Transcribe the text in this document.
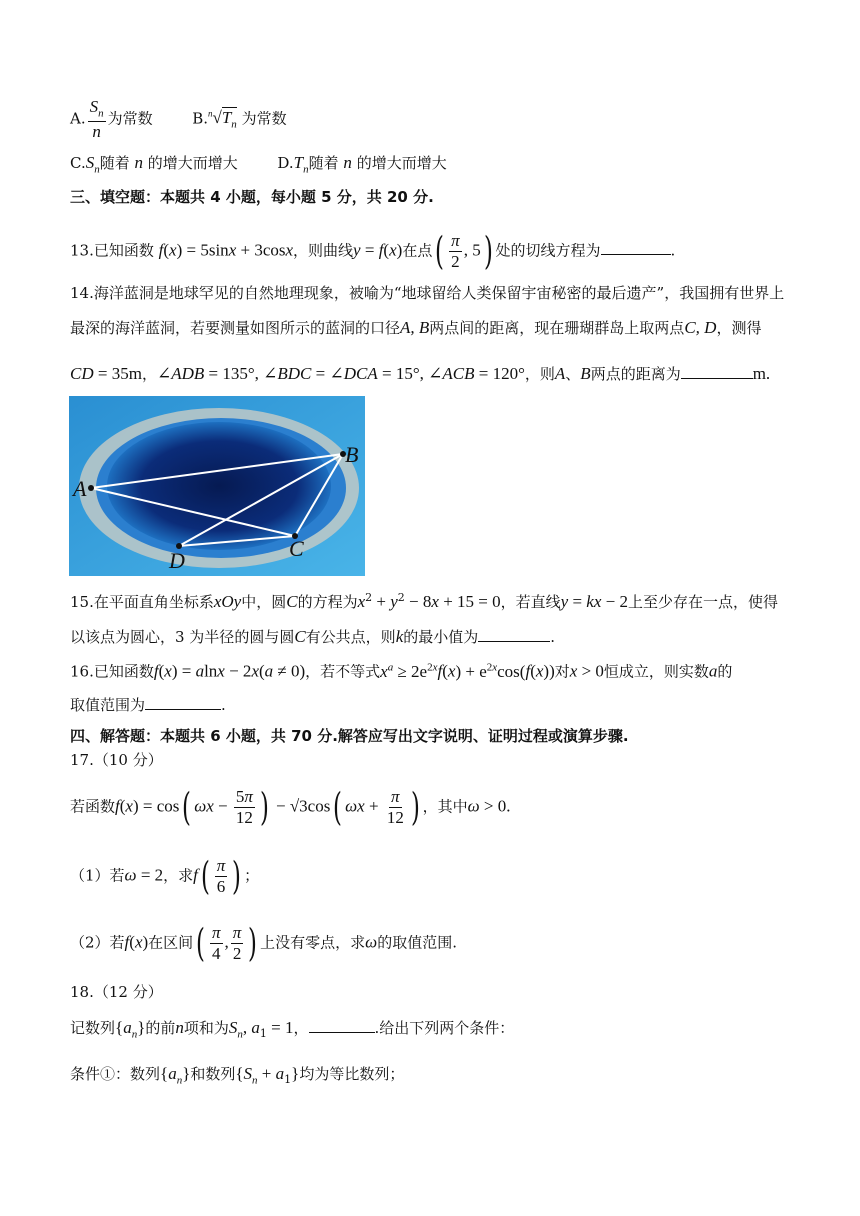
A. $\frac{S_n}{n}$ 为常数	$B.^n√T_n$ 为常数
$C.S_n$随着 n 的增大而增大	$D.T_n$随着 n 的增大而增大
三、填空题：本题共 4 小题，每小题 5 分，共 20 分.
13.已知函数 f(x) = 5sinx + 3cosx，则曲线y = f(x)在点( $\frac{\pi}{2}$ , 5) 处的切线方程为	.
14.海洋蓝洞是地球罕见的自然地理现象，被喻为“地球留给人类保留宇宙秘密的最后遗产”，我国拥有世界上
最深的海洋蓝洞，若要测量如图所示的蓝洞的口径A, B两点间的距离，现在珊瑚群岛上取两点C, D，测得
CD = 35m，∠ADB = 135°, ∠BDC = ∠DCA = 15°, ∠ACB = 120°，则A、B两点的距离为	m.
A
B
C
D
15.在平面直角坐标系xOy中，圆C的方程为$x^2 + y^2 - 8x + 15 = 0$，若直线y = kx − 2上至少存在一点，使得
以该点为圆心，3 为半径的圆与圆C有公共点，则k的最小值为	.
16.已知函数f(x) = alnx − 2x(a ≠ 0)，若不等式$x^a \ge 2e^{2x}f(x) + e^{2x}\cos(f(x))$对x > 0恒成立，则实数a的
取值范围为	.
四、解答题：本题共 6 小题，共 70 分.解答应写出文字说明、证明过程或演算步骤.
17.（10 分）
若函数f(x) = cos( $\omega x - \frac{5\pi}{12}$ ) − √3cos( $\omega x + \frac{\pi}{12}$ ) ，其中ω > 0.
（1）若ω = 2，求$f( \frac{\pi}{6}$ ) ；
（2）若f(x)在区间( $\frac{\pi}{4}$ , $\frac{\pi}{2}$ ) 上没有零点，求ω的取值范围.
18.（12 分）
记数列$\{a_n\}$的前n项和为$S_n$, $a_1 = 1$，	.给出下列两个条件：
条件①：数列$\{a_n\}$和数列$\{S_n + a_1\}$均为等比数列；
